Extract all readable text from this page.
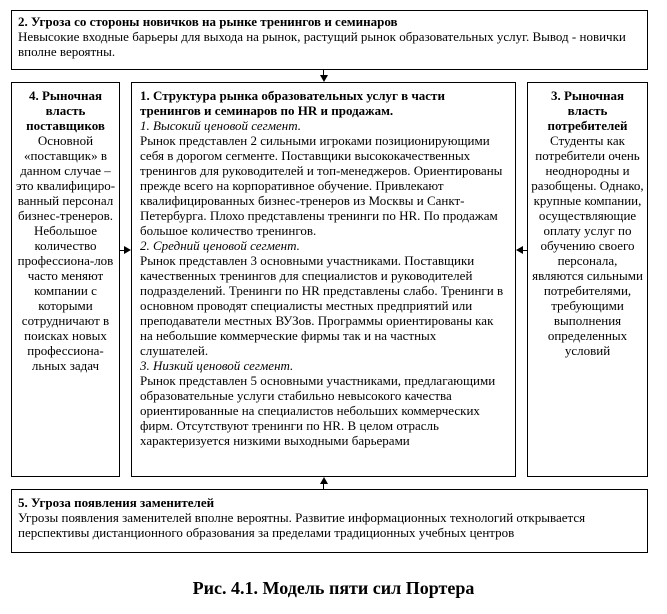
2. Угроза со стороны новичков на рынке тренингов и семинаров

Невысокие входные барьеры для выхода на рынок, растущий рынок образовательных услуг. Вывод - новички вполне вероятны.

4. Рыночная власть поставщиков

Основной «поставщик» в данном случае – это квалифициро-ванный персонал бизнес-тренеров. Небольшое количество профессиона-лов часто меняют компании с которыми сотрудничают в поисках новых профессиона-льных задач

1. Структура рынка образовательных услуг в части тренингов и семинаров по HR и продажам.

1. Высокий ценовой сегмент.

Рынок представлен 2 сильными игроками позиционирующими себя в дорогом сегменте. Поставщики высококачественных тренингов для руководителей и топ-менеджеров. Ориентированы прежде всего на корпоративное обучение. Привлекают квалифицированных бизнес-тренеров из Москвы и Санкт-Петербурга. Плохо представлены тренинги по HR. По продажам большое количество тренингов.

2. Средний ценовой сегмент.

Рынок представлен 3 основными участниками. Поставщики качественных тренингов для специалистов и руководителей подразделений. Тренинги по HR представлены слабо. Тренинги в основном проводят специалисты местных предприятий или преподаватели местных ВУЗов. Программы ориентированы как на небольшие коммерческие фирмы так и на частных слушателей.

3. Низкий ценовой сегмент.

Рынок представлен 5 основными участниками, предлагающими образовательные услуги стабильно невысокого качества ориентированные на специалистов небольших коммерческих фирм. Отсутствуют тренинги по HR. В целом отрасль характеризуется низкими выходными барьерами

3. Рыночная власть потребителей

Студенты как потребители очень неоднородны и разобщены. Однако, крупные компании, осуществляющие оплату услуг по обучению своего персонала, являются сильными потребителями, требующими выполнения определенных условий

5. Угроза появления заменителей

Угрозы появления заменителей вполне вероятны. Развитие информационных технологий открывается перспективы дистанционного образования за пределами традиционных учебных центров

Рис. 4.1. Модель пяти сил Портера
